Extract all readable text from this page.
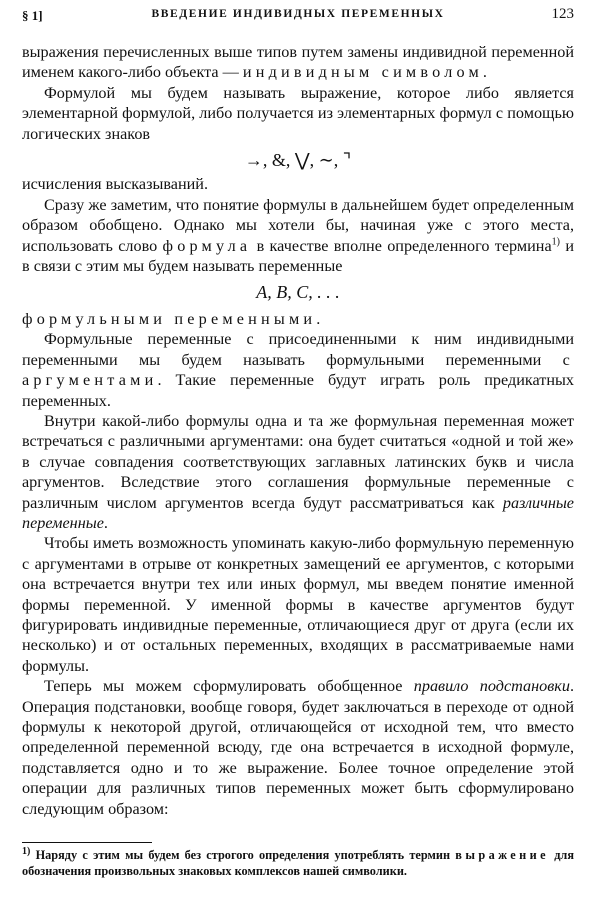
§ 1]	ВВЕДЕНИЕ ИНДИВИДНЫХ ПЕРЕМЕННЫХ	123

выражения перечисленных выше типов путем замены индивидной переменной именем какого-либо объекта — индивидным символом.

Формулой мы будем называть выражение, которое либо является элементарной формулой, либо получается из элементарных формул с помощью логических знаков

→, &, ⋁, ∼, ⌝

исчисления высказываний.

Сразу же заметим, что понятие формулы в дальнейшем будет определенным образом обобщено. Однако мы хотели бы, начиная уже с этого места, использовать слово формула в качестве вполне определенного термина$^{1)}$ и в связи с этим мы будем называть переменные

A, B, C, . . .

формульными переменными.

Формульные переменные с присоединенными к ним индивидными переменными мы будем называть формульными переменными с аргументами. Такие переменные будут играть роль предикатных переменных.

Внутри какой-либо формулы одна и та же формульная переменная может встречаться с различными аргументами: она будет считаться «одной и той же» в случае совпадения соответствующих заглавных латинских букв и числа аргументов. Вследствие этого соглашения формульные переменные с различным числом аргументов всегда будут рассматриваться как различные переменные.

Чтобы иметь возможность упоминать какую-либо формульную переменную с аргументами в отрыве от конкретных замещений ее аргументов, с которыми она встречается внутри тех или иных формул, мы введем понятие именной формы переменной. У именной формы в качестве аргументов будут фигурировать индивидные переменные, отличающиеся друг от друга (если их несколько) и от остальных переменных, входящих в рассматриваемые нами формулы.

Теперь мы можем сформулировать обобщенное правило подстановки. Операция подстановки, вообще говоря, будет заключаться в переходе от одной формулы к некоторой другой, отличающейся от исходной тем, что вместо определенной переменной всюду, где она встречается в исходной формуле, подставляется одно и то же выражение. Более точное определение этой операции для различных типов переменных может быть сформулировано следующим образом:

$^{1)}$ Наряду с этим мы будем без строгого определения употреблять термин выражение для обозначения произвольных знаковых комплексов нашей символики.
